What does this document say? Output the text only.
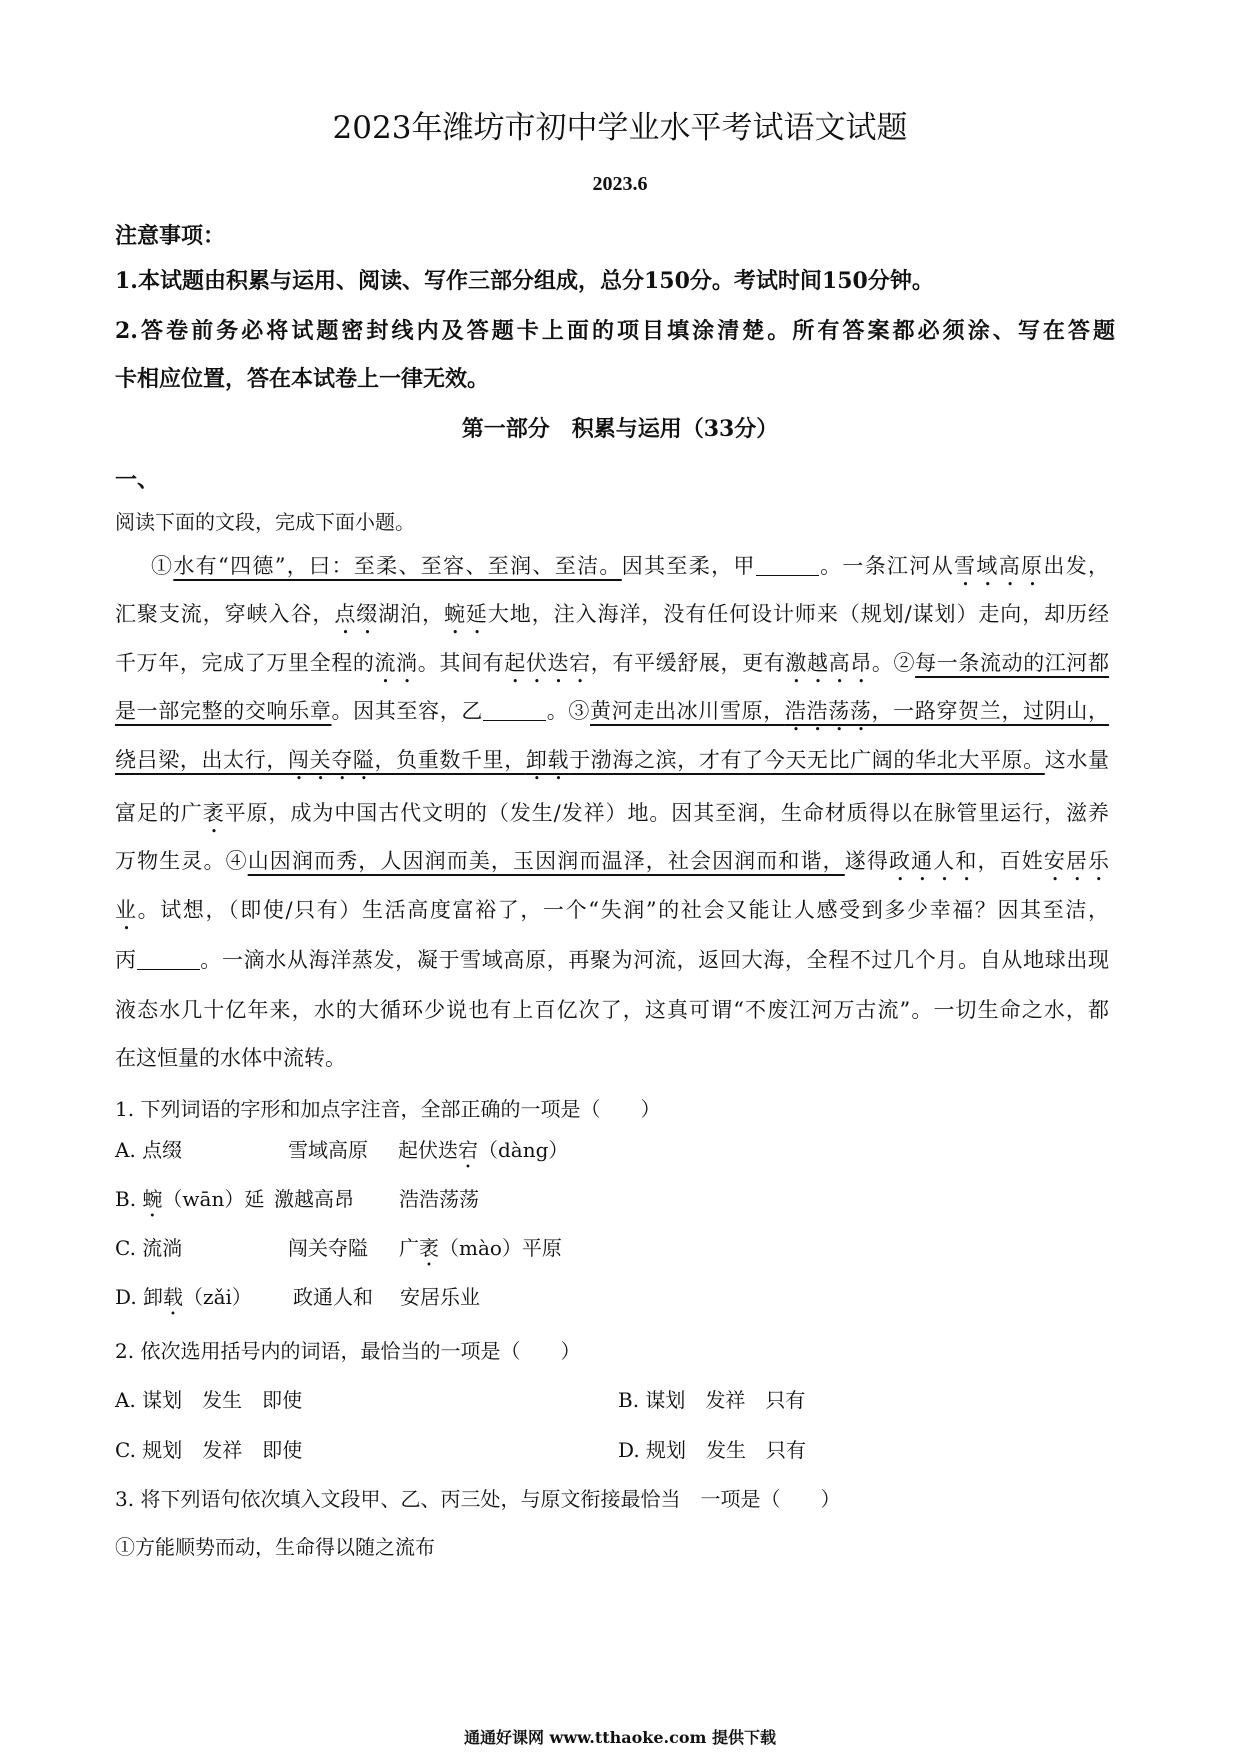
2023年潍坊市初中学业水平考试语文试题
2023.6
注意事项：
1.本试题由积累与运用、阅读、写作三部分组成，总分150分。考试时间150分钟。
2.答卷前务必将试题密封线内及答题卡上面的项目填涂清楚。所有答案都必须涂、写在答题
卡相应位置，答在本试卷上一律无效。
第一部分　积累与运用（33分）
一、
阅读下面的文段，完成下面小题。
①水有“四德”，曰：至柔、至容、至润、至洁。因其至柔，甲	。一条江河从雪域高原出发，
汇聚支流，穿峡入谷，点缀湖泊，蜿延大地，注入海洋，没有任何设计师来（规划/谋划）走向，却历经
千万年，完成了万里全程的流淌。其间有起伏迭宕，有平缓舒展，更有激越高昂。②每一条流动的江河都
是一部完整的交响乐章。因其至容，乙	。③黄河走出冰川雪原，浩浩荡荡，一路穿贺兰，过阴山，
绕吕梁，出太行，闯关夺隘，负重数千里，卸载于渤海之滨，才有了今天无比广阔的华北大平原。这水量
富足的广袤平原，成为中国古代文明的（发生/发祥）地。因其至润，生命材质得以在脉管里运行，滋养
万物生灵。④山因润而秀，人因润而美，玉因润而温泽，社会因润而和谐，遂得政通人和，百姓安居乐
业。试想，（即使/只有）生活高度富裕了，一个“失润”的社会又能让人感受到多少幸福？因其至洁，
丙	。一滴水从海洋蒸发，凝于雪域高原，再聚为河流，返回大海，全程不过几个月。自从地球出现
液态水几十亿年来，水的大循环少说也有上百亿次了，这真可谓“不废江河万古流”。一切生命之水，都
在这恒量的水体中流转。
1. 下列词语的字形和加点字注音，全部正确的一项是（　　）
A. 点缀	雪域高原 起伏迭宕（dàng）
B. 蜿（wān）延 激越高昂 浩浩荡荡
C. 流淌	闯关夺隘 广袤（mào）平原
D. 卸载（zǎi） 政通人和 安居乐业
2. 依次选用括号内的词语，最恰当的一项是（　　）
A. 谋划　发生　即使	B. 谋划　发祥　只有
C. 规划　发祥　即使	D. 规划　发生　只有
3. 将下列语句依次填入文段甲、乙、丙三处，与原文衔接最恰当　一项是（　　）
①方能顺势而动，生命得以随之流布
通通好课网 www.tthaoke.com 提供下载
